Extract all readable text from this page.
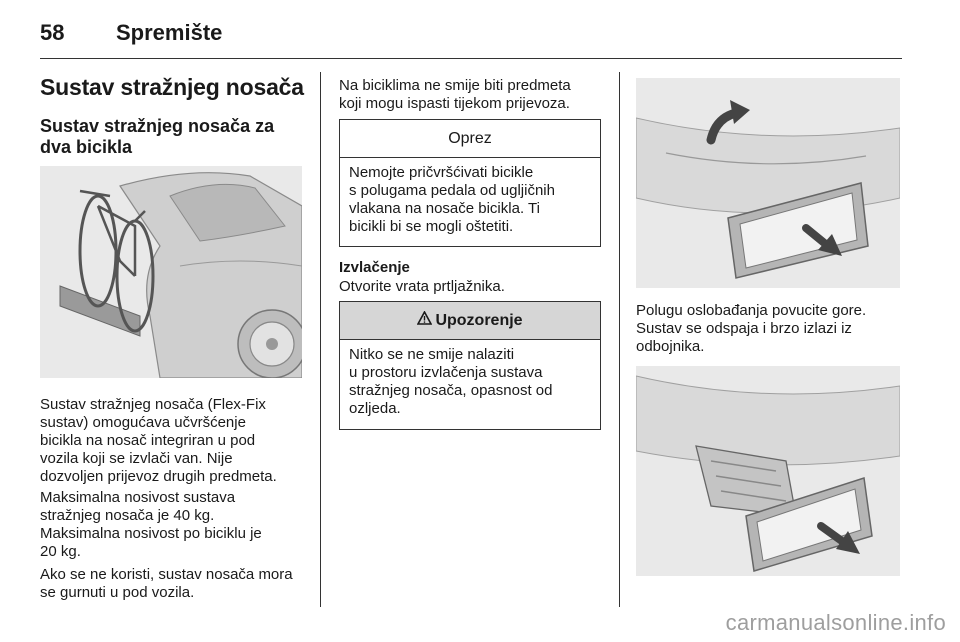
58 Spremište
Sustav stražnjeg nosača
Sustav stražnjeg nosača za dva bicikla
Sustav stražnjeg nosača (Flex-Fix
sustav) omogućava učvršćenje
bicikla na nosač integriran u pod
vozila koji se izvlači van. Nije
dozvoljen prijevoz drugih predmeta.
Maksimalna nosivost sustava
stražnjeg nosača je 40 kg.
Maksimalna nosivost po biciklu je
20 kg.
Ako se ne koristi, sustav nosača mora
se gurnuti u pod vozila.
Na biciklima ne smije biti predmeta
koji mogu ispasti tijekom prijevoza.
Oprez
Nemojte pričvršćivati bicikle
s polugama pedala od ugljičnih
vlakana na nosače bicikla. Ti
bicikli bi se mogli oštetiti.
Izvlačenje
Otvorite vrata prtljažnika.
Upozorenje
Nitko se ne smije nalaziti
u prostoru izvlačenja sustava
stražnjeg nosača, opasnost od
ozljeda.
Polugu oslobađanja povucite gore.
Sustav se odspaja i brzo izlazi iz
odbojnika.
carmanualsonline.info
